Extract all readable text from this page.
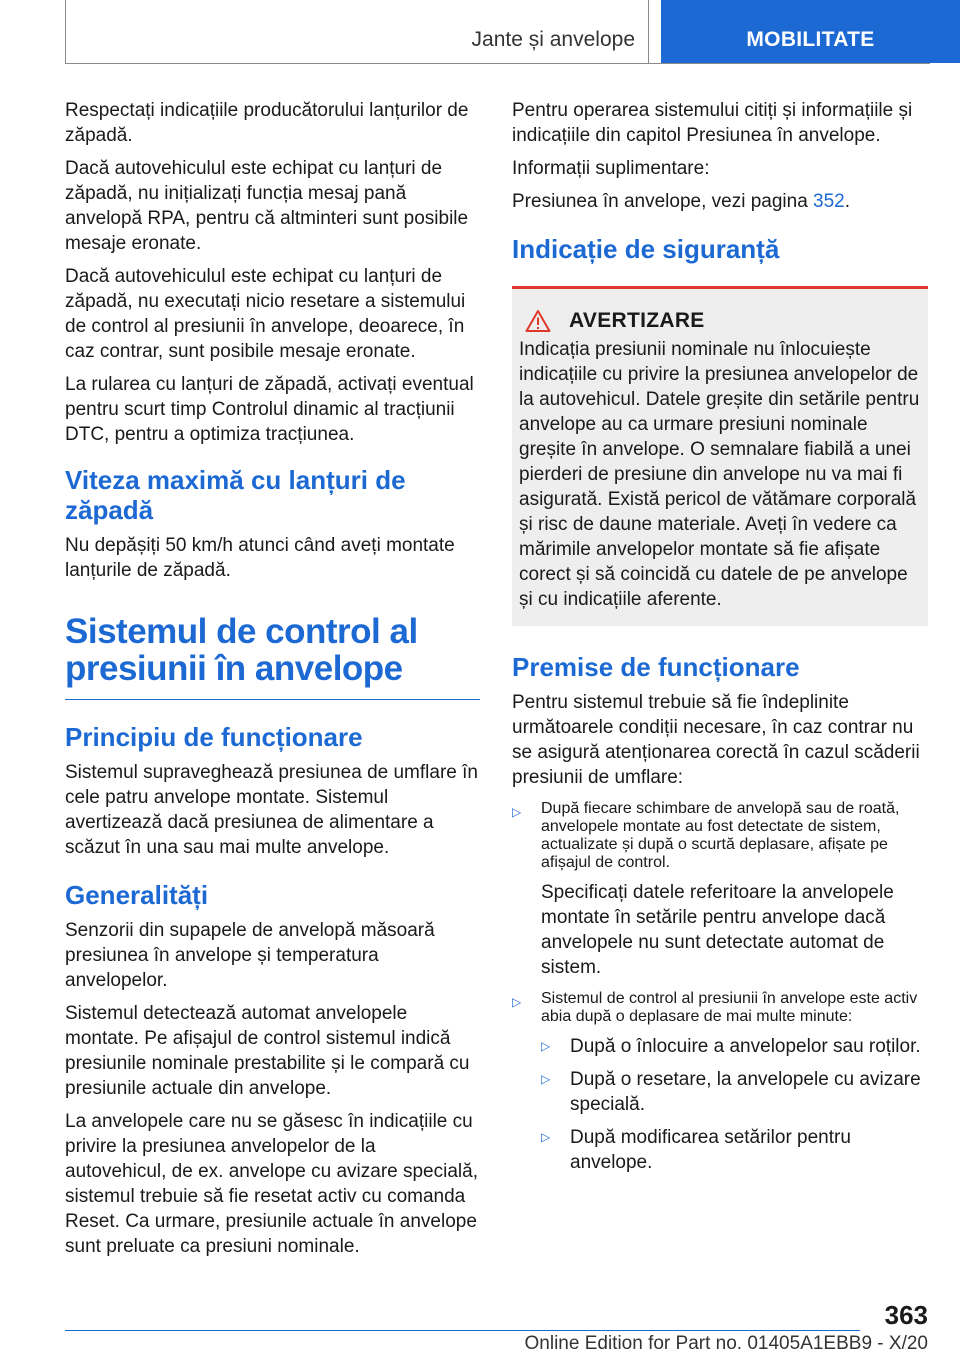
Jante și anvelope	MOBILITATE

Respectați indicațiile producătorului lanțurilor de zăpadă.

Dacă autovehiculul este echipat cu lanțuri de zăpadă, nu inițializați funcția mesaj pană anvelopă RPA, pentru că altminteri sunt posibile mesaje eronate.

Dacă autovehiculul este echipat cu lanțuri de zăpadă, nu executați nicio resetare a sistemului de control al presiunii în anvelope, deoarece, în caz contrar, sunt posibile mesaje eronate.

La rularea cu lanțuri de zăpadă, activați eventual pentru scurt timp Controlul dinamic al tracțiunii DTC, pentru a optimiza tracțiunea.

Viteza maximă cu lanțuri de zăpadă

Nu depășiți 50 km/h atunci când aveți montate lanțurile de zăpadă.

Sistemul de control al presiunii în anvelope
Principiu de funcționare

Sistemul supraveghează presiunea de umflare în cele patru anvelope montate. Sistemul avertizează dacă presiunea de alimentare a scăzut în una sau mai multe anvelope.

Generalități

Senzorii din supapele de anvelopă măsoară presiunea în anvelope și temperatura anvelopelor.

Sistemul detectează automat anvelopele montate. Pe afișajul de control sistemul indică presiunile nominale prestabilite și le compară cu presiunile actuale din anvelope.

La anvelopele care nu se găsesc în indicațiile cu privire la presiunea anvelopelor de la autovehicul, de ex. anvelope cu avizare specială, sistemul trebuie să fie resetat activ cu comanda Reset. Ca urmare, presiunile actuale în anvelope sunt preluate ca presiuni nominale.

Pentru operarea sistemului citiți și informațiile și indicațiile din capitol Presiunea în anvelope.

Informații suplimentare:

Presiunea în anvelope, vezi pagina 352.

Indicație de siguranță
AVERTIZARE

Indicația presiunii nominale nu înlocuiește indicațiile cu privire la presiunea anvelopelor de la autovehicul. Datele greșite din setările pentru anvelope au ca urmare presiuni nominale greșite în anvelope. O semnalare fiabilă a unei pierderi de presiune din anvelope nu va mai fi asigurată. Există pericol de vătămare corporală și risc de daune materiale. Aveți în vedere ca mărimile anvelopelor montate să fie afișate corect și să coincidă cu datele de pe anvelope și cu indicațiile aferente.

Premise de funcționare

Pentru sistemul trebuie să fie îndeplinite următoarele condiții necesare, în caz contrar nu se asigură atenționarea corectă în cazul scăderii presiunii de umflare:

▷ După fiecare schimbare de anvelopă sau de roată, anvelopele montate au fost detectate de sistem, actualizate și după o scurtă deplasare, afișate pe afișajul de control.

Specificați datele referitoare la anvelopele montate în setările pentru anvelope dacă anvelopele nu sunt detectate automat de sistem.

▷ Sistemul de control al presiunii în anvelope este activ abia după o deplasare de mai multe minute:
▷ După o înlocuire a anvelopelor sau roților.
▷ După o resetare, la anvelopele cu avizare specială.
▷ După modificarea setărilor pentru anvelope.
363
Online Edition for Part no. 01405A1EBB9 - X/20
